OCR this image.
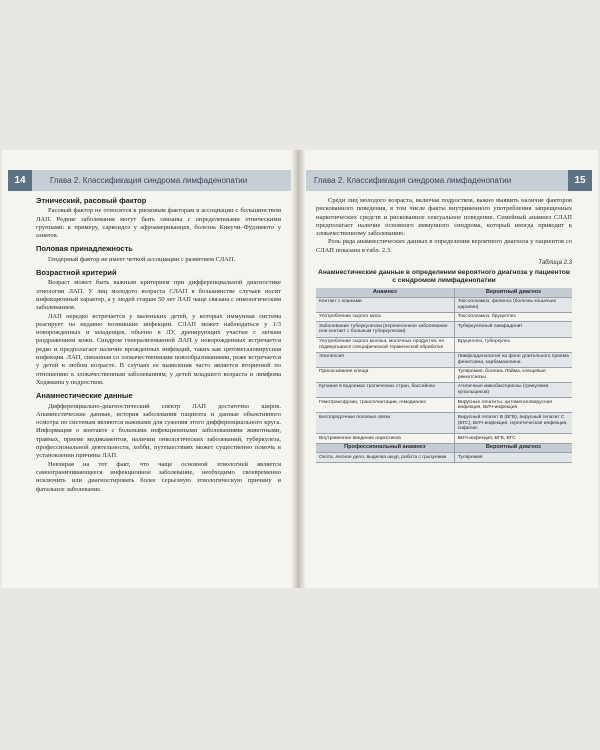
14	Глава 2. Классификация синдрома лимфаденопатии
Этнический, расовый фактор

Расовый фактор не относится к рисковым факторам в ассоциации с большинством ЛАП. Редкие заболевания могут быть связаны с определенными этническими группами: к примеру, саркоидоз у афроамериканцев, болезнь Кикучи–Фудзимото у азиатов.

Половая принадлежность

Гендерный фактор не имеет четкой ассоциации с развитием СЛАП.

Возрастной критерий

Возраст может быть важным критерием при дифференциальной диагностике этиологии ЛАП. У лиц молодого возраста СЛАП в большинстве случаев носит инфекционный характер, а у людей старше 50 лет ЛАП чаще связана с онкологическим заболеванием.

ЛАП нередко встречается у маленьких детей, у которых иммунная система реагирует на недавно возникшие инфекции. СЛАП может наблюдаться у 1/3 новорожденных и младенцев, обычно в ЛУ, дренирующих участки с легким раздражением кожи. Синдром генерализованной ЛАП у новорожденных встречается редко и предполагает наличие врожденных инфекций, таких как цитомегаловирусная инфекция. ЛАП, связанная со злокачественными новообразованиями, реже встречается у детей в любом возрасте. В случаях ее выявления часто является вторичной по отношению к злокачественным заболеваниям, у детей младшего возраста и лимфома Ходжкина у подростков.

Анамнестические данные

Дифференциально-диагностический спектр ЛАП достаточно широк. Анамнестические данные, история заболевания пациента и данные объективного осмотра по системам являются важными для сужения этого дифференциального круга. Информация о контакте с больными инфекционными заболеваниями животными, травмах, приеме медикаментов, наличии онкологических заболеваний, туберкулеза, профессиональной деятельности, хобби, путешествиях может существенно помочь в установлении причины ЛАП.

Невзирая на тот факт, что чаще основной этиологией является самоограничивающееся инфекционное заболевание, необходимо своевременно исключить или диагностировать более серьезную этиологическую причину и фатальное заболевание.

Глава 2. Классификация синдрома лимфаденопатии	15

Среди лиц молодого возраста, включая подростков, важно выявить наличие факторов рискованного поведения, в том числе факты внутривенного употребления запрещенных наркотических средств и рискованное сексуальное поведение. Семейный анамнез СЛАП предполагает наличие основного иммунного синдрома, который иногда приводит к злокачественному заболеванию.

Роль ряда анамнестических данных в определении вероятного диагноза у пациентов со СЛАП показана в табл. 2.3.

Таблица 2.3
Анамнестические данные в определении вероятного диагноза у пациентов с синдромом лимфаденопатии
Анамнез	Вероятный диагноз
Контакт с кошками	Токсоплазмоз, фелиноз (болезнь кошачьих царапин)
Употребление сырого мяса	Токсоплазмоз, бруцеллез
Заболевание туберкулезом (перенесенное заболевание или контакт с больным туберкулезом)	Туберкулезный лимфаденит
Употребление сырого молока, молочных продуктов, не подвергшихся специфической термической обработке	Бруцеллез, туберкулез
Эпилепсия	Лимфоаденопатия на фоне длительного приема фенитоина, карбамазепина
Присасывание клеща	Туляремия, болезнь Лайма, клещевые риккетсиозы
Купание в водоемах тропических стран, бассейнах	Атипичные микобактериозы (гранулема купальщиков)
Гемотрансфузии, трансплантации, гемодиализ	Вирусные гепатиты, цитомегаловирусная инфекция, ВИЧ-инфекция
Беспорядочные половые связи	Вирусный гепатит В (ВГВ), вирусный гепатит С (ВГС), ВИЧ-инфекция, герпетическая инфекция, сифилис
Внутривенное введение наркотиков	ВИЧ-инфекция, ВГВ, ВГС
Профессиональный анамнез	Вероятный диагноз
Охота, лесное дело, выделка шкур, работа с грызунами	Туляремия
